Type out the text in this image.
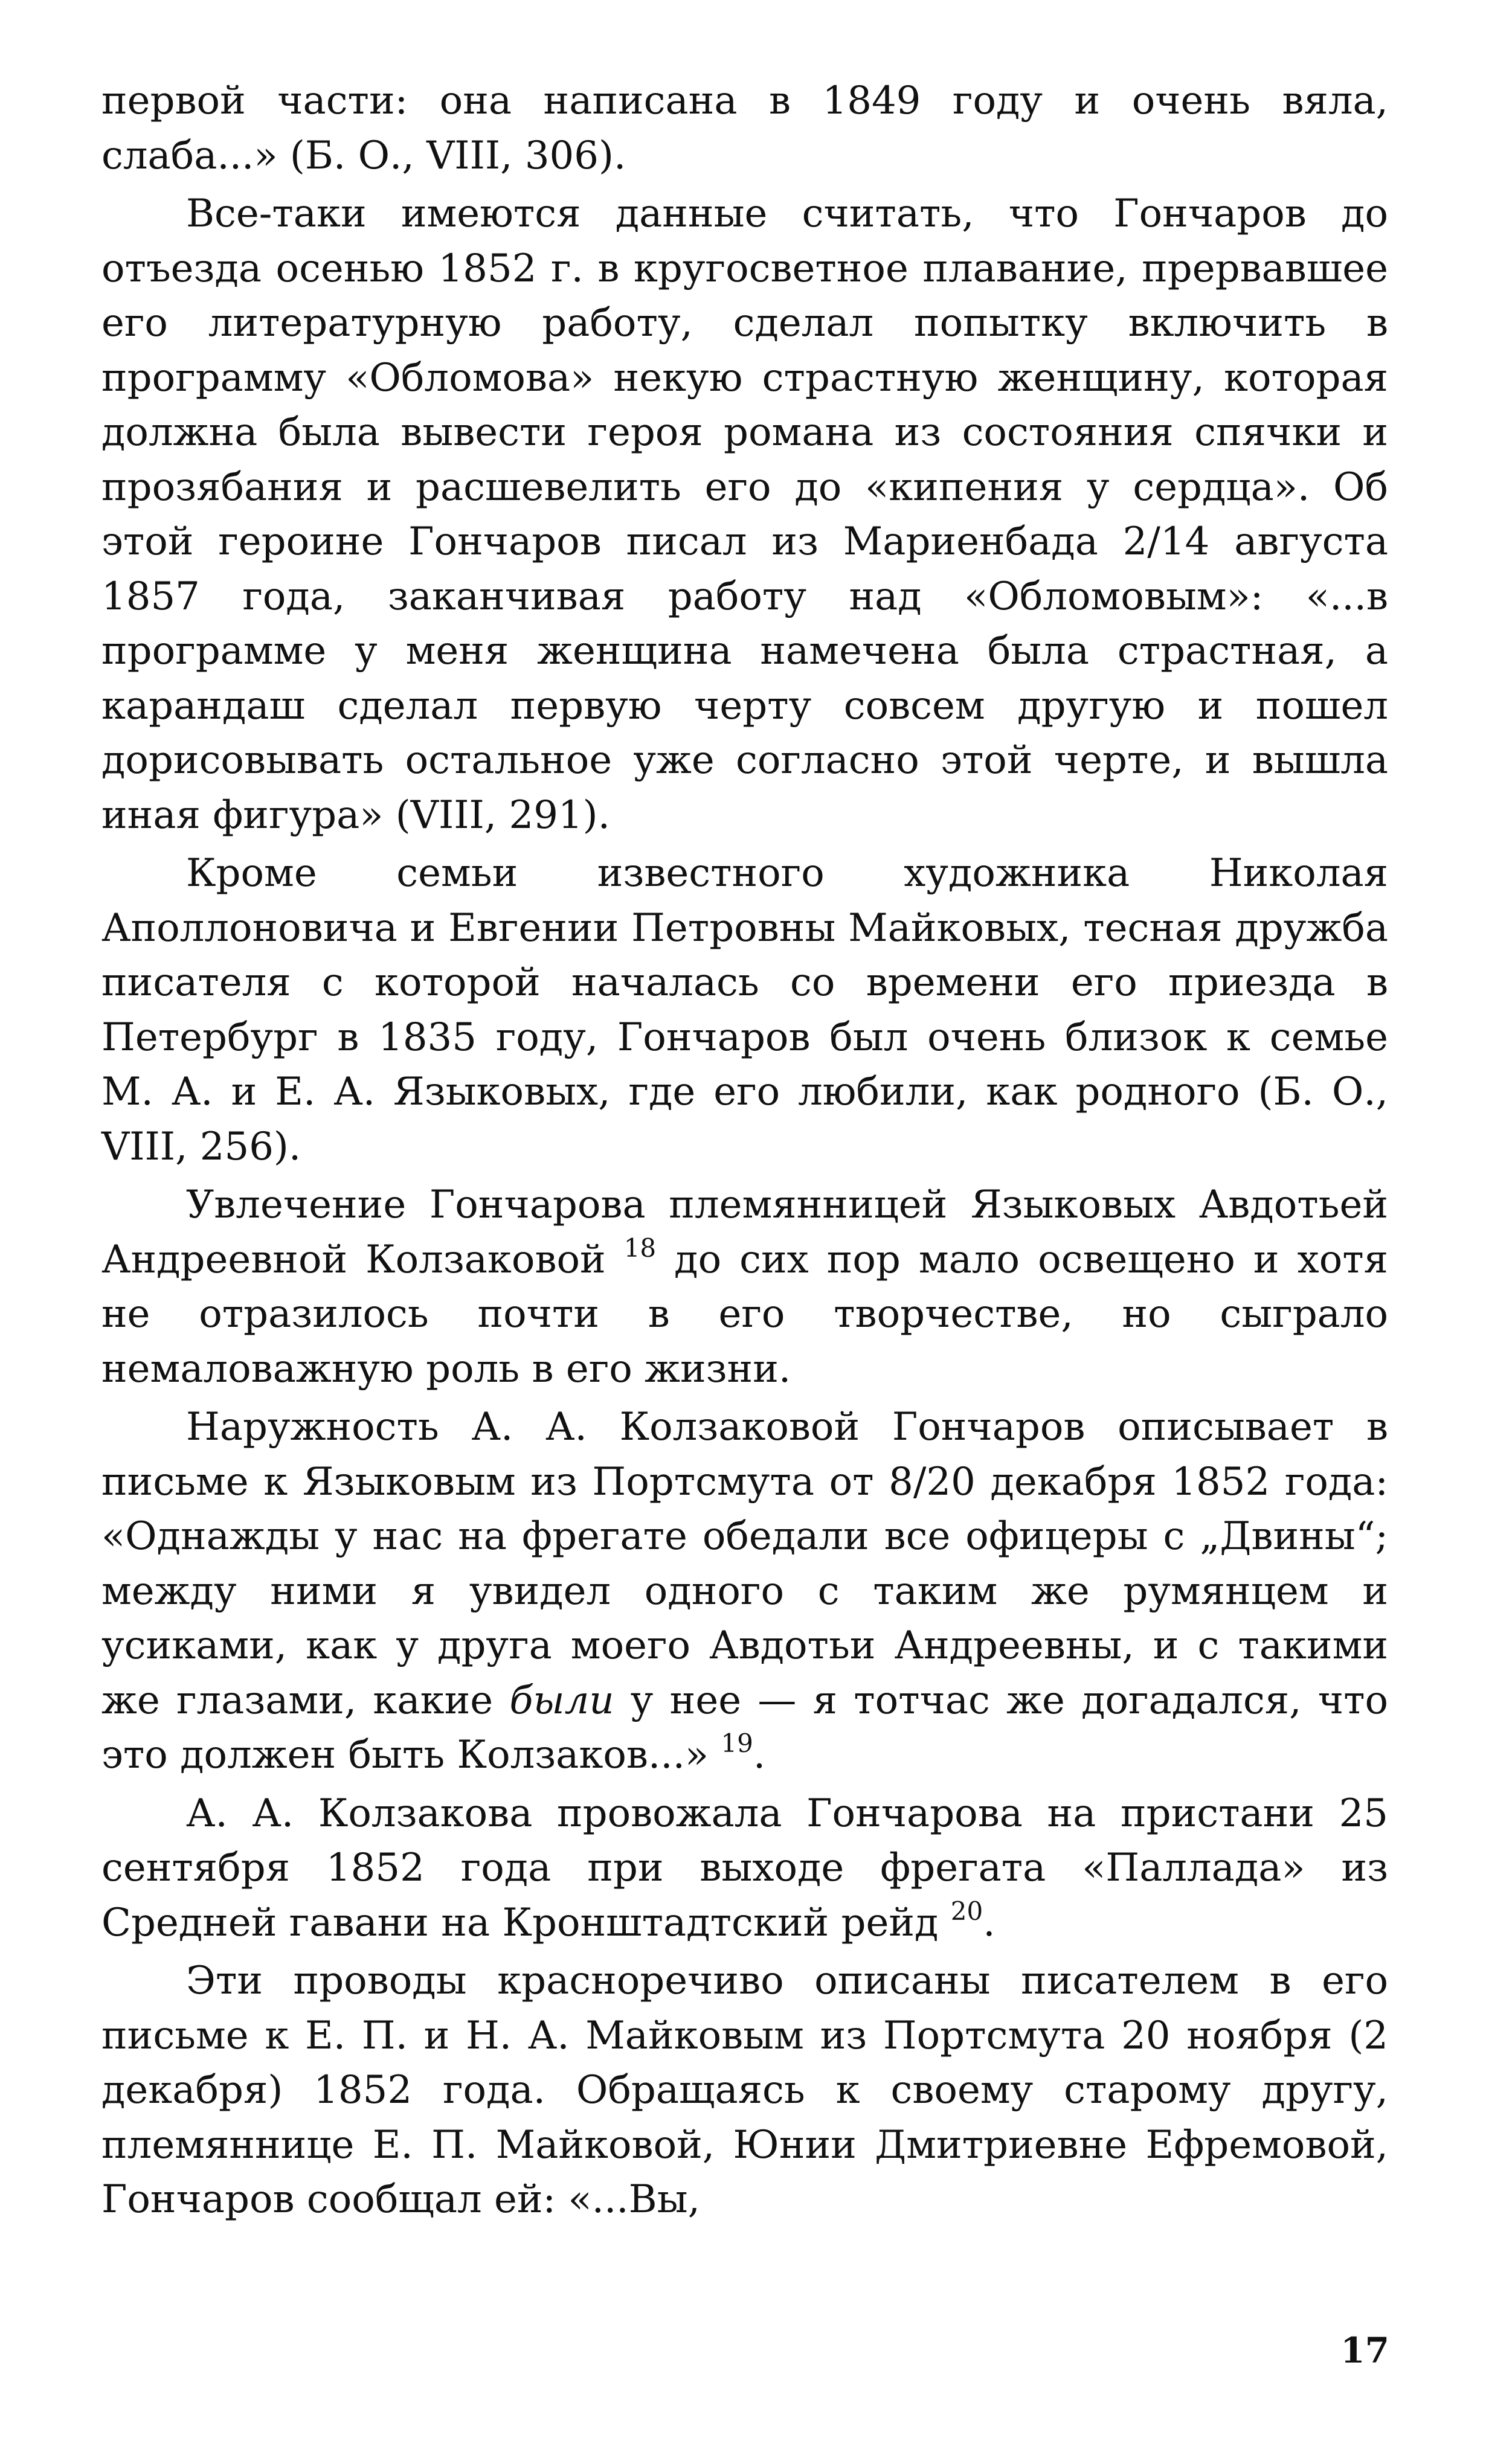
первой части: она написана в 1849 году и очень вяла, слаба...» (Б. О., VIII, 306).

Все-таки имеются данные считать, что Гончаров до отъезда осенью 1852 г. в кругосветное плавание, прервавшее его литературную работу, сделал попытку включить в программу «Обломова» некую страстную женщину, которая должна была вывести героя романа из состояния спячки и прозябания и расшевелить его до «кипения у сердца». Об этой героине Гончаров писал из Мариенбада 2/14 августа 1857 года, заканчивая работу над «Обломовым»: «...в программе у меня женщина намечена была страстная, а карандаш сделал первую черту совсем другую и пошел дорисовывать остальное уже согласно этой черте, и вышла иная фигура» (VIII, 291).

Кроме семьи известного художника Николая Аполлоновича и Евгении Петровны Майковых, тесная дружба писателя с которой началась со времени его приезда в Петербург в 1835 году, Гончаров был очень близок к семье М. А. и Е. А. Языковых, где его любили, как родного (Б. О., VIII, 256).

Увлечение Гончарова племянницей Языковых Авдотьей Андреевной Колзаковой $^{18}$ до сих пор мало освещено и хотя не отразилось почти в его творчестве, но сыграло немаловажную роль в его жизни.

Наружность А. А. Колзаковой Гончаров описывает в письме к Языковым из Портсмута от 8/20 декабря 1852 года: «Однажды у нас на фрегате обедали все офицеры с „Двины“; между ними я увидел одного с таким же румянцем и усиками, как у друга моего Авдотьи Андреевны, и с такими же глазами, какие были у нее — я тотчас же догадался, что это должен быть Колзаков...» $^{19}$.

А. А. Колзакова провожала Гончарова на пристани 25 сентября 1852 года при выходе фрегата «Паллада» из Средней гавани на Кронштадтский рейд $^{20}$.

Эти проводы красноречиво описаны писателем в его письме к Е. П. и Н. А. Майковым из Портсмута 20 ноября (2 декабря) 1852 года. Обращаясь к своему старому другу, племяннице Е. П. Майковой, Юнии Дмитриевне Ефремовой, Гончаров сообщал ей: «...Вы,

17
